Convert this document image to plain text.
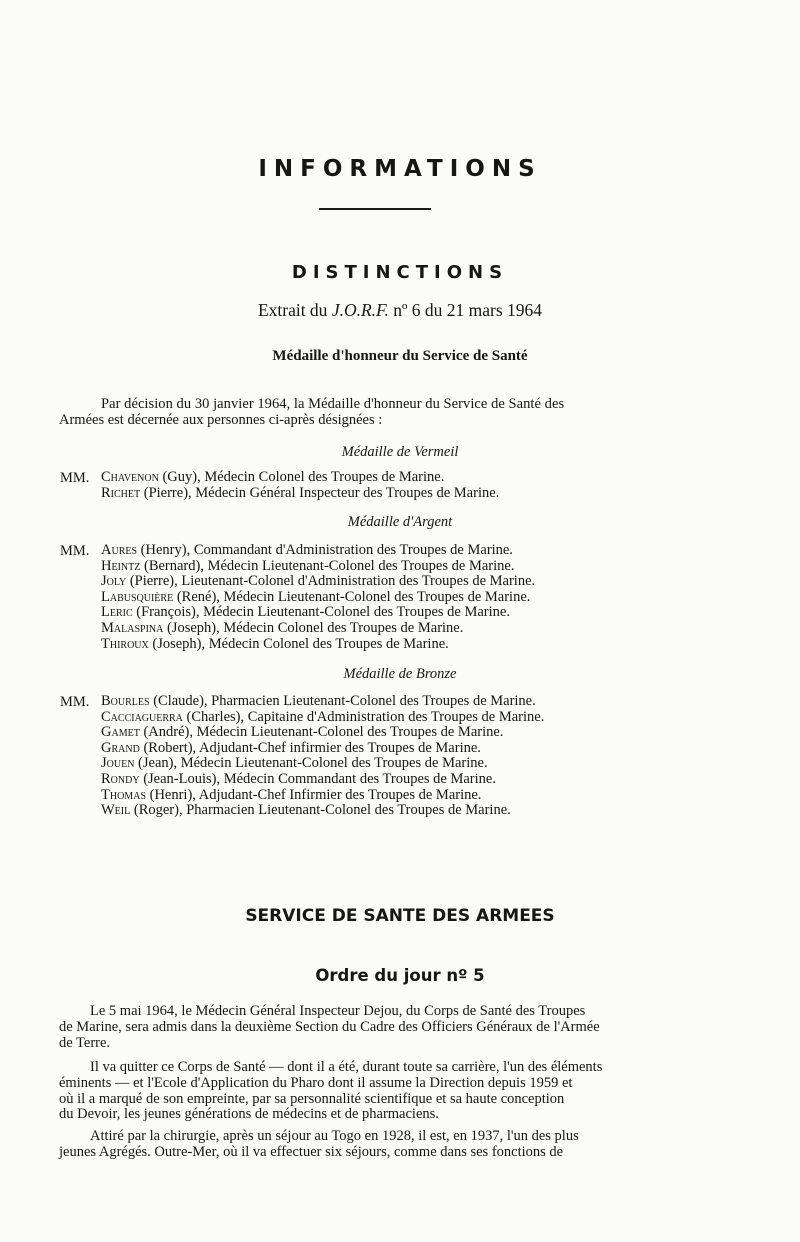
INFORMATIONS
DISTINCTIONS
Extrait du J.O.R.F. nº 6 du 21 mars 1964
Médaille d'honneur du Service de Santé
Par décision du 30 janvier 1964, la Médaille d'honneur du Service de Santé des
Armées est décernée aux personnes ci-après désignées :
Médaille de Vermeil
MM. Chavenon (Guy), Médecin Colonel des Troupes de Marine.
Richet (Pierre), Médecin Général Inspecteur des Troupes de Marine.
Médaille d'Argent
MM. Aures (Henry), Commandant d'Administration des Troupes de Marine.
Heintz (Bernard), Médecin Lieutenant-Colonel des Troupes de Marine.
Joly (Pierre), Lieutenant-Colonel d'Administration des Troupes de Marine.
Labusquière (René), Médecin Lieutenant-Colonel des Troupes de Marine.
Leric (François), Médecin Lieutenant-Colonel des Troupes de Marine.
Malaspina (Joseph), Médecin Colonel des Troupes de Marine.
Thiroux (Joseph), Médecin Colonel des Troupes de Marine.
Médaille de Bronze
MM. Bourles (Claude), Pharmacien Lieutenant-Colonel des Troupes de Marine.
Cacciaguerra (Charles), Capitaine d'Administration des Troupes de Marine.
Gamet (André), Médecin Lieutenant-Colonel des Troupes de Marine.
Grand (Robert), Adjudant-Chef infirmier des Troupes de Marine.
Jouen (Jean), Médecin Lieutenant-Colonel des Troupes de Marine.
Rondy (Jean-Louis), Médecin Commandant des Troupes de Marine.
Thomas (Henri), Adjudant-Chef Infirmier des Troupes de Marine.
Weil (Roger), Pharmacien Lieutenant-Colonel des Troupes de Marine.
SERVICE DE SANTE DES ARMEES
Ordre du jour nº 5
Le 5 mai 1964, le Médecin Général Inspecteur Dejou, du Corps de Santé des Troupes
de Marine, sera admis dans la deuxième Section du Cadre des Officiers Généraux de l'Armée
de Terre.
Il va quitter ce Corps de Santé — dont il a été, durant toute sa carrière, l'un des éléments
éminents — et l'Ecole d'Application du Pharo dont il assume la Direction depuis 1959 et
où il a marqué de son empreinte, par sa personnalité scientifique et sa haute conception
du Devoir, les jeunes générations de médecins et de pharmaciens.
Attiré par la chirurgie, après un séjour au Togo en 1928, il est, en 1937, l'un des plus
jeunes Agrégés. Outre-Mer, où il va effectuer six séjours, comme dans ses fonctions de
